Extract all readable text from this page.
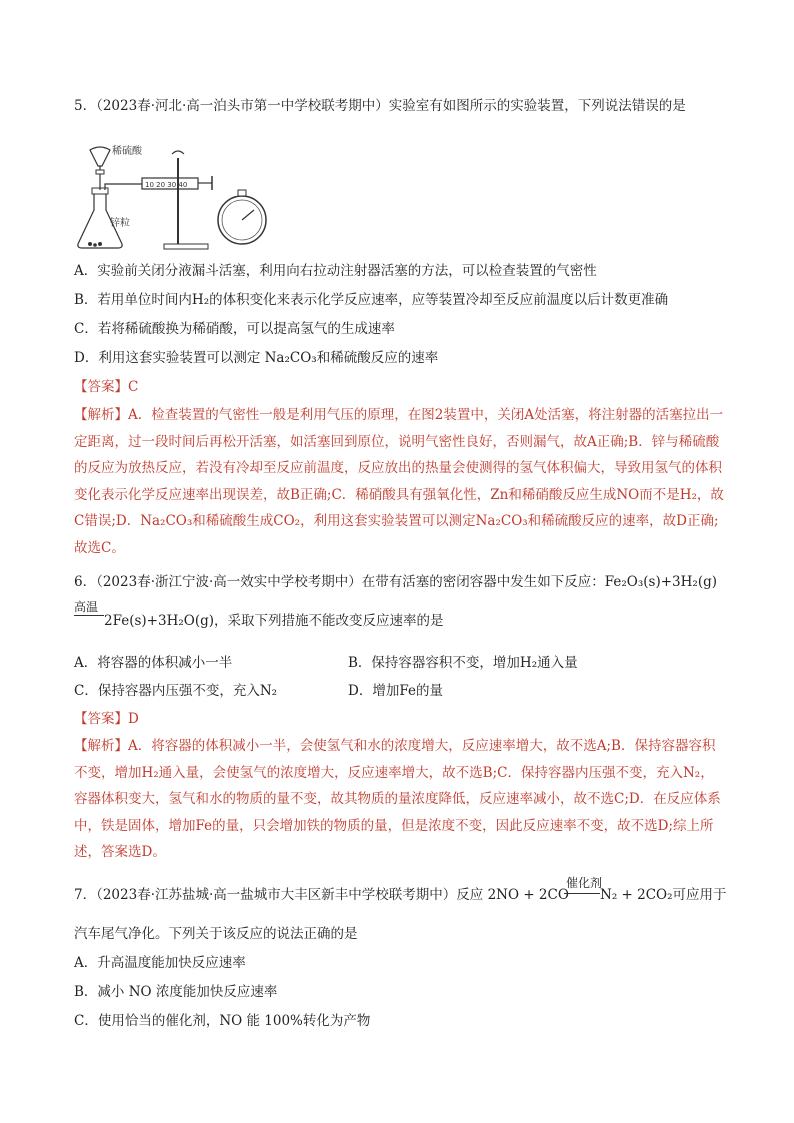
5．（2023春·河北·高一泊头市第一中学校联考期中）实验室有如图所示的实验装置，下列说法错误的是
稀硫酸
锌粒
10 20 30 40
A．实验前关闭分液漏斗活塞，利用向右拉动注射器活塞的方法，可以检查装置的气密性
B．若用单位时间内H₂的体积变化来表示化学反应速率，应等装置冷却至反应前温度以后计数更准确
C．若将稀硫酸换为稀硝酸，可以提高氢气的生成速率
D．利用这套实验装置可以测定 Na₂CO₃和稀硫酸反应的速率
【答案】C
【解析】A．检查装置的气密性一般是利用气压的原理，在图2装置中，关闭A处活塞，将注射器的活塞拉出一定距离，过一段时间后再松开活塞，如活塞回到原位，说明气密性良好，否则漏气，故A正确;B．锌与稀硫酸的反应为放热反应，若没有冷却至反应前温度，反应放出的热量会使测得的氢气体积偏大，导致用氢气的体积变化表示化学反应速率出现误差，故B正确;C．稀硝酸具有强氧化性，Zn和稀硝酸反应生成NO而不是H₂，故C错误;D．Na₂CO₃和稀硫酸生成CO₂，利用这套实验装置可以测定Na₂CO₃和稀硫酸反应的速率，故D正确;故选C。
6．（2023春·浙江宁波·高一效实中学校考期中）在带有活塞的密闭容器中发生如下反应：Fe₂O₃(s)+3H₂(g)
高温
2Fe(s)+3H₂O(g)，采取下列措施不能改变反应速率的是
A．将容器的体积减小一半	B．保持容器容积不变，增加H₂通入量
C．保持容器内压强不变，充入N₂	D．增加Fe的量
【答案】D
【解析】A．将容器的体积减小一半，会使氢气和水的浓度增大，反应速率增大，故不选A;B．保持容器容积不变，增加H₂通入量，会使氢气的浓度增大，反应速率增大，故不选B;C．保持容器内压强不变，充入N₂，容器体积变大，氢气和水的物质的量不变，故其物质的量浓度降低，反应速率减小，故不选C;D．在反应体系中，铁是固体，增加Fe的量，只会增加铁的物质的量，但是浓度不变，因此反应速率不变，故不选D;综上所述，答案选D。
7．（2023春·江苏盐城·高一盐城市大丰区新丰中学校联考期中）反应 2NO + 2CO
催化剂
N₂ + 2CO₂可应用于
汽车尾气净化。下列关于该反应的说法正确的是
A．升高温度能加快反应速率
B．减小 NO 浓度能加快反应速率
C．使用恰当的催化剂，NO 能 100%转化为产物
